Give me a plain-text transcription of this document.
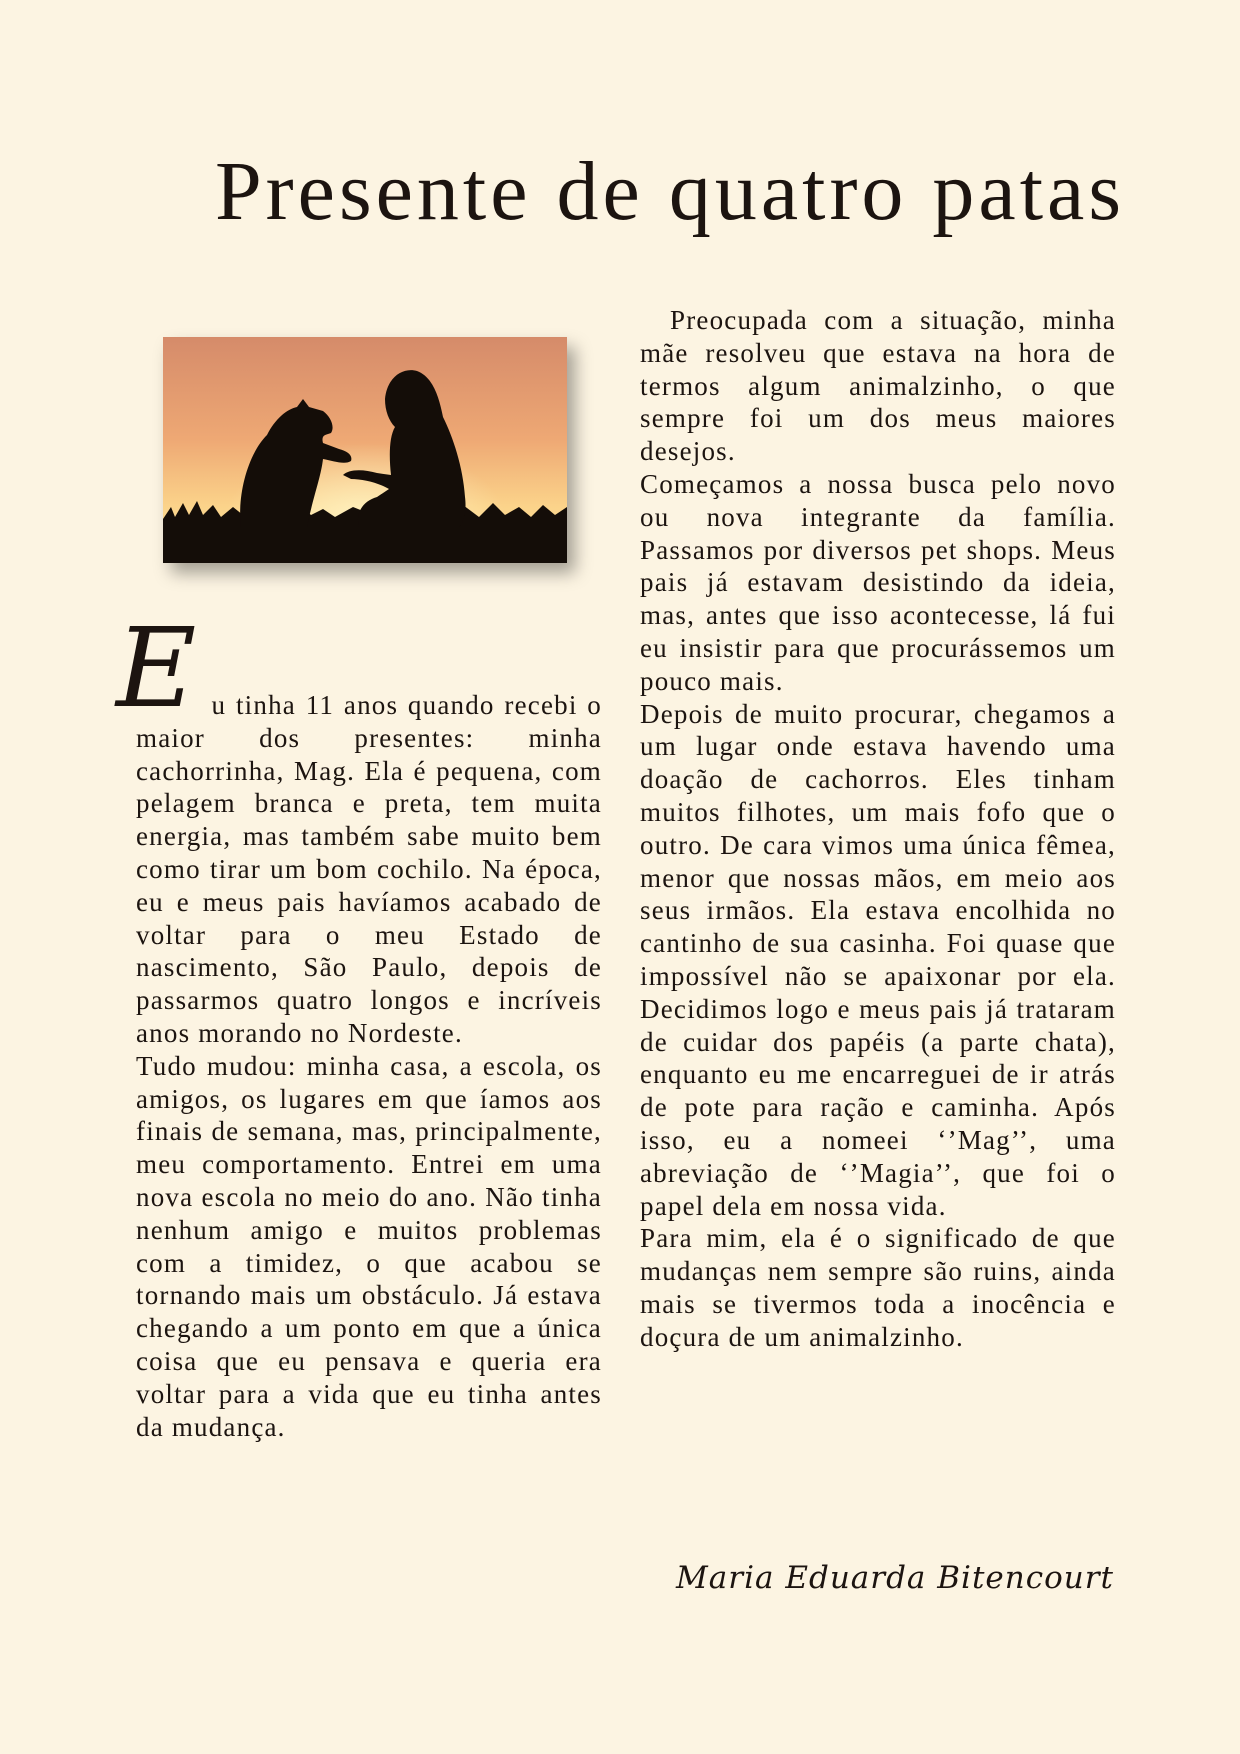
Presente de quatro patas

Eu tinha 11 anos quando recebi o maior dos presentes: minha cachorrinha, Mag. Ela é pequena, com pelagem branca e preta, tem muita energia, mas também sabe muito bem como tirar um bom cochilo. Na época, eu e meus pais havíamos acabado de voltar para o meu Estado de nascimento, São Paulo, depois de passarmos quatro longos e incríveis anos morando no Nordeste.

Tudo mudou: minha casa, a escola, os amigos, os lugares em que íamos aos finais de semana, mas, principalmente, meu comportamento. Entrei em uma nova escola no meio do ano. Não tinha nenhum amigo e muitos problemas com a timidez, o que acabou se tornando mais um obstáculo. Já estava chegando a um ponto em que a única coisa que eu pensava e queria era voltar para a vida que eu tinha antes da mudança.

Preocupada com a situação, minha mãe resolveu que estava na hora de termos algum animalzinho, o que sempre foi um dos meus maiores desejos.

Começamos a nossa busca pelo novo ou nova integrante da família. Passamos por diversos pet shops. Meus pais já estavam desistindo da ideia, mas, antes que isso acontecesse, lá fui eu insistir para que procurássemos um pouco mais.

Depois de muito procurar, chegamos a um lugar onde estava havendo uma doação de cachorros. Eles tinham muitos filhotes, um mais fofo que o outro. De cara vimos uma única fêmea, menor que nossas mãos, em meio aos seus irmãos. Ela estava encolhida no cantinho de sua casinha. Foi quase que impossível não se apaixonar por ela. Decidimos logo e meus pais já trataram de cuidar dos papéis (a parte chata), enquanto eu me encarreguei de ir atrás de pote para ração e caminha. Após isso, eu a nomeei ‘’Mag’’, uma abreviação de ‘’Magia’’, que foi o papel dela em nossa vida.

Para mim, ela é o significado de que mudanças nem sempre são ruins, ainda mais se tivermos toda a inocência e doçura de um animalzinho.

Maria Eduarda Bitencourt
